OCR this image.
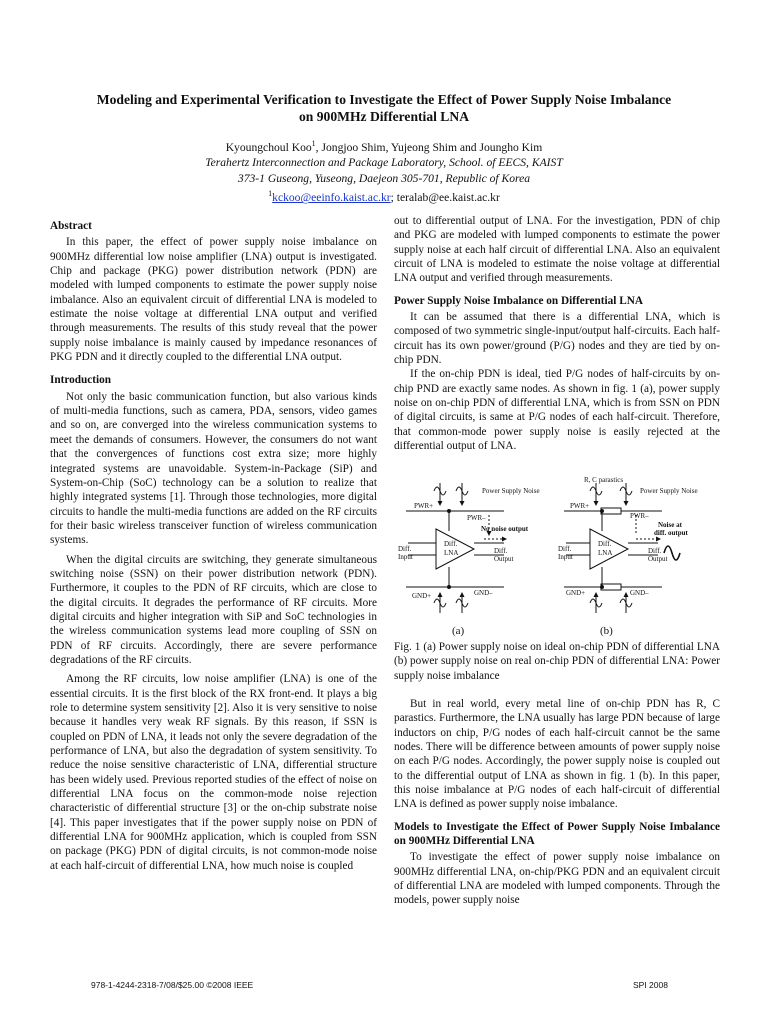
Modeling and Experimental Verification to Investigate the Effect of Power Supply Noise Imbalance
on 900MHz Differential LNA
Kyoungchoul Koo$^1$, Jongjoo Shim, Yujeong Shim and Joungho Kim
Terahertz Interconnection and Package Laboratory, School. of EECS, KAIST
373-1 Guseong, Yuseong, Daejeon 305-701, Republic of Korea
$^1$kckoo@eeinfo.kaist.ac.kr; teralab@ee.kaist.ac.kr
Abstract

In this paper, the effect of power supply noise imbalance on 900MHz differential low noise amplifier (LNA) output is investigated. Chip and package (PKG) power distribution network (PDN) are modeled with lumped components to estimate the power supply noise imbalance. Also an equivalent circuit of differential LNA is modeled to estimate the noise voltage at differential LNA output and verified through measurements. The results of this study reveal that the power supply noise imbalance is mainly caused by impedance resonances of PKG PDN and it directly coupled to the differential LNA output.

Introduction

Not only the basic communication function, but also various kinds of multi-media functions, such as camera, PDA, sensors, video games and so on, are converged into the wireless communication systems to meet the demands of consumers. However, the consumers do not want that the convergences of functions cost extra size; more highly integrated systems are unavoidable. System-in-Package (SiP) and System-on-Chip (SoC) technology can be a solution to realize that highly integrated systems [1]. Through those technologies, more digital circuits to handle the multi-media functions are added on the RF circuits for their basic wireless transceiver function of wireless communication systems.

When the digital circuits are switching, they generate simultaneous switching noise (SSN) on their power distribution network (PDN). Furthermore, it couples to the PDN of RF circuits, which are close to the digital circuits. It degrades the performance of RF circuits. More digital circuits and higher integration with SiP and SoC technologies in the wireless communication systems lead more coupling of SSN on PDN of RF circuits. Accordingly, there are severe performance degradations of the RF circuits.

Among the RF circuits, low noise amplifier (LNA) is one of the essential circuits. It is the first block of the RX front-end. It plays a big role to determine system sensitivity [2]. Also it is very sensitive to noise because it handles very weak RF signals. By this reason, if SSN is coupled on PDN of LNA, it leads not only the severe degradation of the performance of LNA, but also the degradation of system sensitivity. To reduce the noise sensitive characteristic of LNA, differential structure has been widely used. Previous reported studies of the effect of noise on differential LNA focus on the common-mode noise rejection characteristic of differential structure [3] or the on-chip substrate noise [4]. This paper investigates that if the power supply noise on PDN of differential LNA for 900MHz application, which is coupled from SSN on package (PKG) PDN of digital circuits, is not common-mode noise at each half-circuit of differential LNA, how much noise is coupled

out to differential output of LNA. For the investigation, PDN of chip and PKG are modeled with lumped components to estimate the power supply noise at each half circuit of differential LNA. Also an equivalent circuit of LNA is modeled to estimate the noise voltage at differential LNA output and verified through measurements.

Power Supply Noise Imbalance on Differential LNA

It can be assumed that there is a differential LNA, which is composed of two symmetric single-input/output half-circuits. Each half-circuit has its own power/ground (P/G) nodes and they are tied by on-chip PDN.

If the on-chip PDN is ideal, tied P/G nodes of half-circuits by on-chip PND are exactly same nodes. As shown in fig. 1 (a), power supply noise on on-chip PDN of differential LNA, which is from SSN on PDN of digital circuits, is same at P/G nodes of each half-circuit. Therefore, that common-mode power supply noise is easily rejected at the differential output of LNA.

Power Supply Noise
PWR+
PWR–
Diff.
Input
Diff.
LNA
No noise output
Diff.
Output
GND+	GND–
(a)
R, C parastics
Power Supply Noise
PWR+
PWR–
Diff.
Input
Diff.
LNA
Noise at
diff. output
Diff.
Output
GND+	GND–
(b)
Fig. 1 (a) Power supply noise on ideal on-chip PDN of differential LNA (b) power supply noise on real on-chip PDN of differential LNA: Power supply noise imbalance

But in real world, every metal line of on-chip PDN has R, C parastics. Furthermore, the LNA usually has large PDN because of large inductors on chip, P/G nodes of each half-circuit cannot be the same nodes. There will be difference between amounts of power supply noise on each P/G nodes. Accordingly, the power supply noise is coupled out to the differential output of LNA as shown in fig. 1 (b). In this paper, this noise imbalance at P/G nodes of each half-circuit of differential LNA is defined as power supply noise imbalance.

Models to Investigate the Effect of Power Supply Noise Imbalance on 900MHz Differential LNA

To investigate the effect of power supply noise imbalance on 900MHz differential LNA, on-chip/PKG PDN and an equivalent circuit of differential LNA are modeled with lumped components. Through the models, power supply noise

978-1-4244-2318-7/08/$25.00 ©2008 IEEE	SPI 2008
